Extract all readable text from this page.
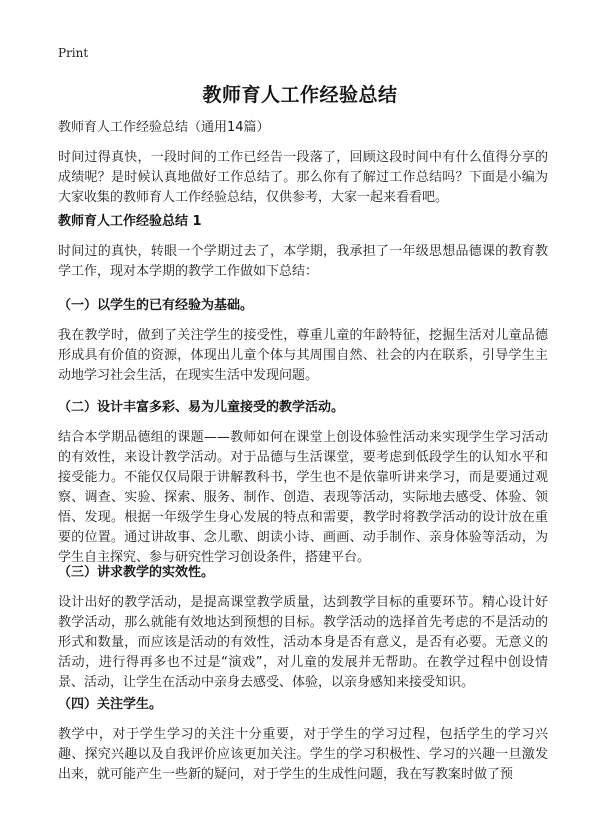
Print
教师育人工作经验总结
教师育人工作经验总结（通用14篇）
时间过得真快，一段时间的工作已经告一段落了，回顾这段时间中有什么值得分享的成绩呢？是时候认真地做好工作总结了。那么你有了解过工作总结吗？下面是小编为大家收集的教师育人工作经验总结，仅供参考，大家一起来看看吧。
教师育人工作经验总结 1
时间过的真快，转眼一个学期过去了，本学期，我承担了一年级思想品德课的教育教学工作，现对本学期的教学工作做如下总结：
（一）以学生的已有经验为基础。
我在教学时，做到了关注学生的接受性，尊重儿童的年龄特征，挖掘生活对儿童品德形成具有价值的资源，体现出儿童个体与其周围自然、社会的内在联系，引导学生主动地学习社会生活，在现实生活中发现问题。
（二）设计丰富多彩、易为儿童接受的教学活动。
结合本学期品德组的课题——教师如何在课堂上创设体验性活动来实现学生学习活动的有效性，来设计教学活动。对于品德与生活课堂，要考虑到低段学生的认知水平和接受能力。不能仅仅局限于讲解教科书，学生也不是依靠听讲来学习，而是要通过观察、调查、实验、探索、服务、制作、创造、表现等活动，实际地去感受、体验、领悟、发现。根据一年级学生身心发展的特点和需要，教学时将教学活动的设计放在重要的位置。通过讲故事、念儿歌、朗读小诗、画画、动手制作、亲身体验等活动，为学生自主探究、参与研究性学习创设条件，搭建平台。
（三）讲求教学的实效性。
设计出好的教学活动，是提高课堂教学质量，达到教学目标的重要环节。精心设计好教学活动，那么就能有效地达到预想的目标。教学活动的选择首先考虑的不是活动的形式和数量，而应该是活动的有效性，活动本身是否有意义，是否有必要。无意义的活动，进行得再多也不过是“演戏”，对儿童的发展并无帮助。在教学过程中创设情景、活动，让学生在活动中亲身去感受、体验，以亲身感知来接受知识。
（四）关注学生。
教学中，对于学生学习的关注十分重要，对于学生的学习过程，包括学生的学习兴趣、探究兴趣以及自我评价应该更加关注。学生的学习积极性、学习的兴趣一旦激发出来，就可能产生一些新的疑问，对于学生的生成性问题，我在写教案时做了预
